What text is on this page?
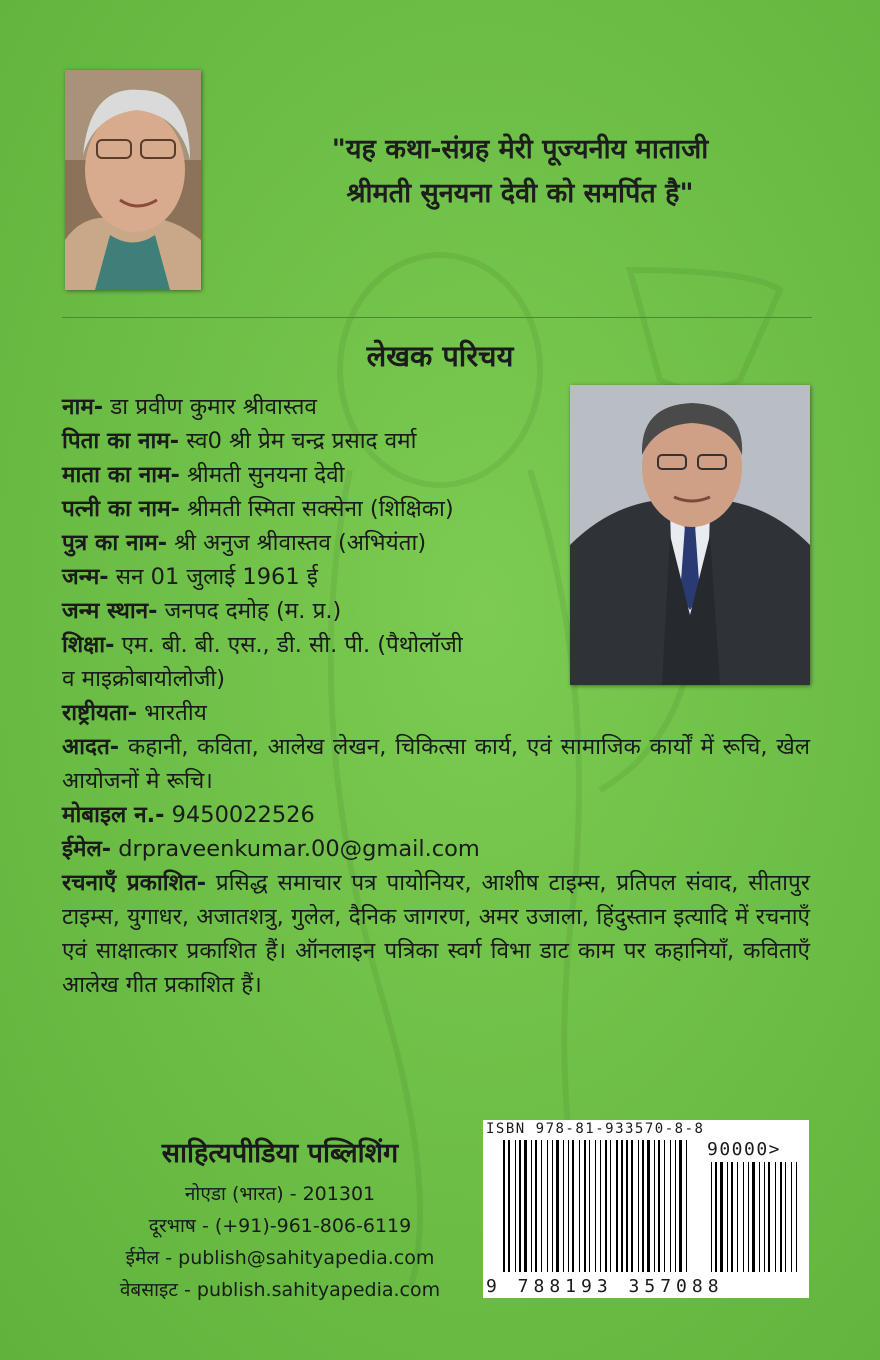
"यह कथा-संग्रह मेरी पूज्यनीय माताजी
श्रीमती सुनयना देवी को समर्पित है"
लेखक परिचय
नाम- डा प्रवीण कुमार श्रीवास्तव
पिता का नाम- स्व0 श्री प्रेम चन्द्र प्रसाद वर्मा
माता का नाम- श्रीमती सुनयना देवी
पत्नी का नाम- श्रीमती स्मिता सक्सेना (शिक्षिका)
पुत्र का नाम- श्री अनुज श्रीवास्तव (अभियंता)
जन्म- सन 01 जुलाई 1961 ई
जन्म स्थान- जनपद दमोह (म. प्र.)
शिक्षा- एम. बी. बी. एस., डी. सी. पी. (पैथोलॉजी
व माइक्रोबायोलोजी)
राष्ट्रीयता- भारतीय
आदत- कहानी, कविता, आलेख लेखन, चिकित्सा कार्य, एवं सामाजिक कार्यों में रूचि, खेल आयोजनों मे रूचि।
मोबाइल न.- 9450022526
ईमेल- drpraveenkumar.00@gmail.com
रचनाएँ प्रकाशित- प्रसिद्ध समाचार पत्र पायोनियर, आशीष टाइम्स, प्रतिपल संवाद, सीतापुर टाइम्स, युगाधर, अजातशत्रु, गुलेल, दैनिक जागरण, अमर उजाला, हिंदुस्तान इत्यादि में रचनाएँ एवं साक्षात्कार प्रकाशित हैं। ऑनलाइन पत्रिका स्वर्ग विभा डाट काम पर कहानियाँ, कविताएँ आलेख गीत प्रकाशित हैं।
साहित्यपीडिया पब्लिशिंग
नोएडा (भारत) - 201301
दूरभाष - (+91)-961-806-6119
ईमेल - publish@sahityapedia.com
वेबसाइट - publish.sahityapedia.com
ISBN 978-81-933570-8-8
90000>
9 788193 357088
